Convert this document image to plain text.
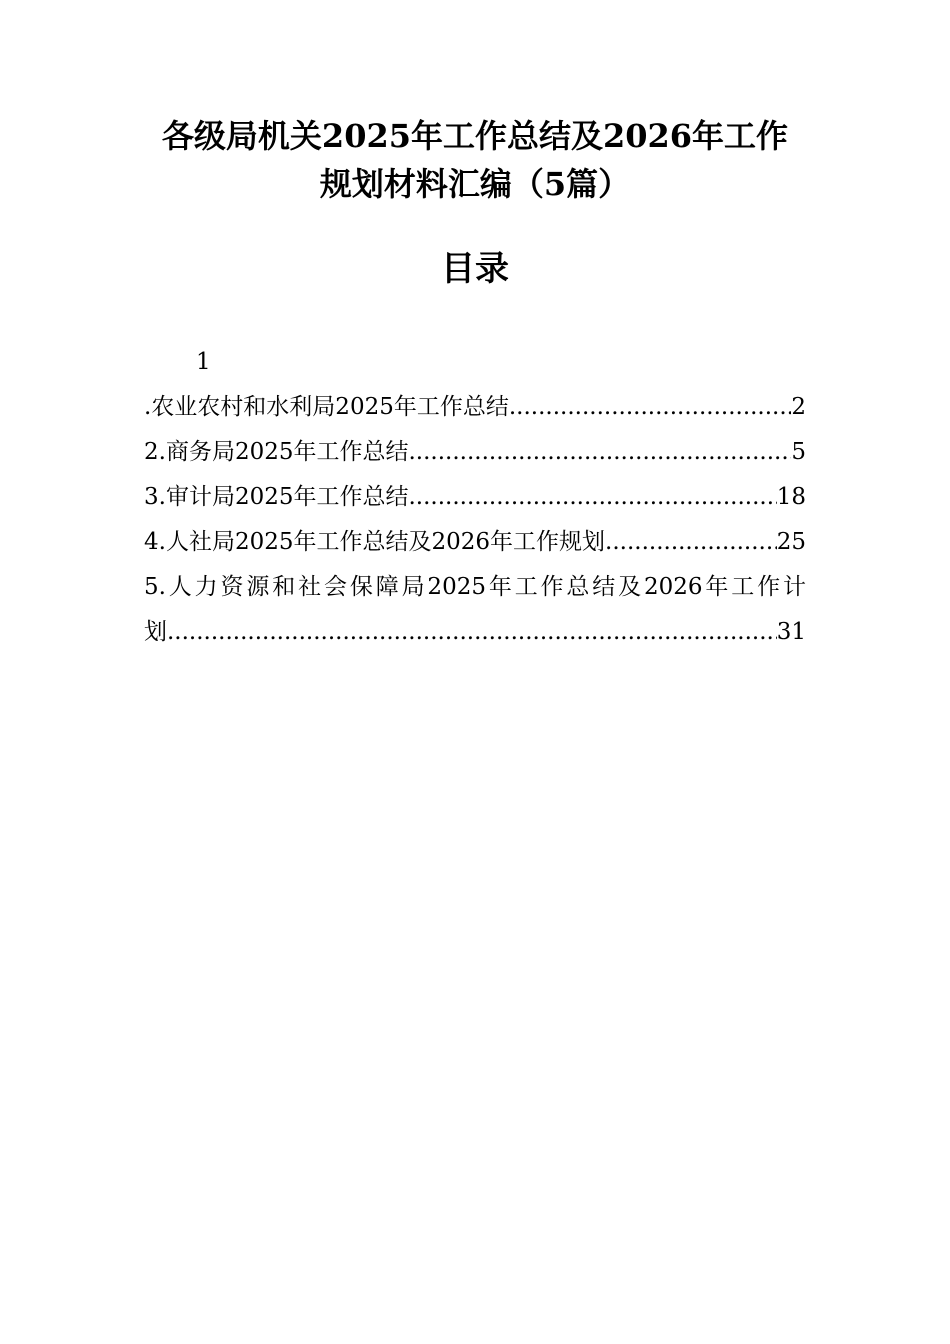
各级局机关2025年工作总结及2026年工作
规划材料汇编（5篇）
目录
1
.农业农村和水利局2025年工作总结 .....	2
2.商务局2025年工作总结 .....	5
3.审计局2025年工作总结 .....	18
4.人社局2025年工作总结及2026年工作规划 .....	25
5.人力资源和社会保障局2025年工作总结及2026年工作计
划 .....	31
